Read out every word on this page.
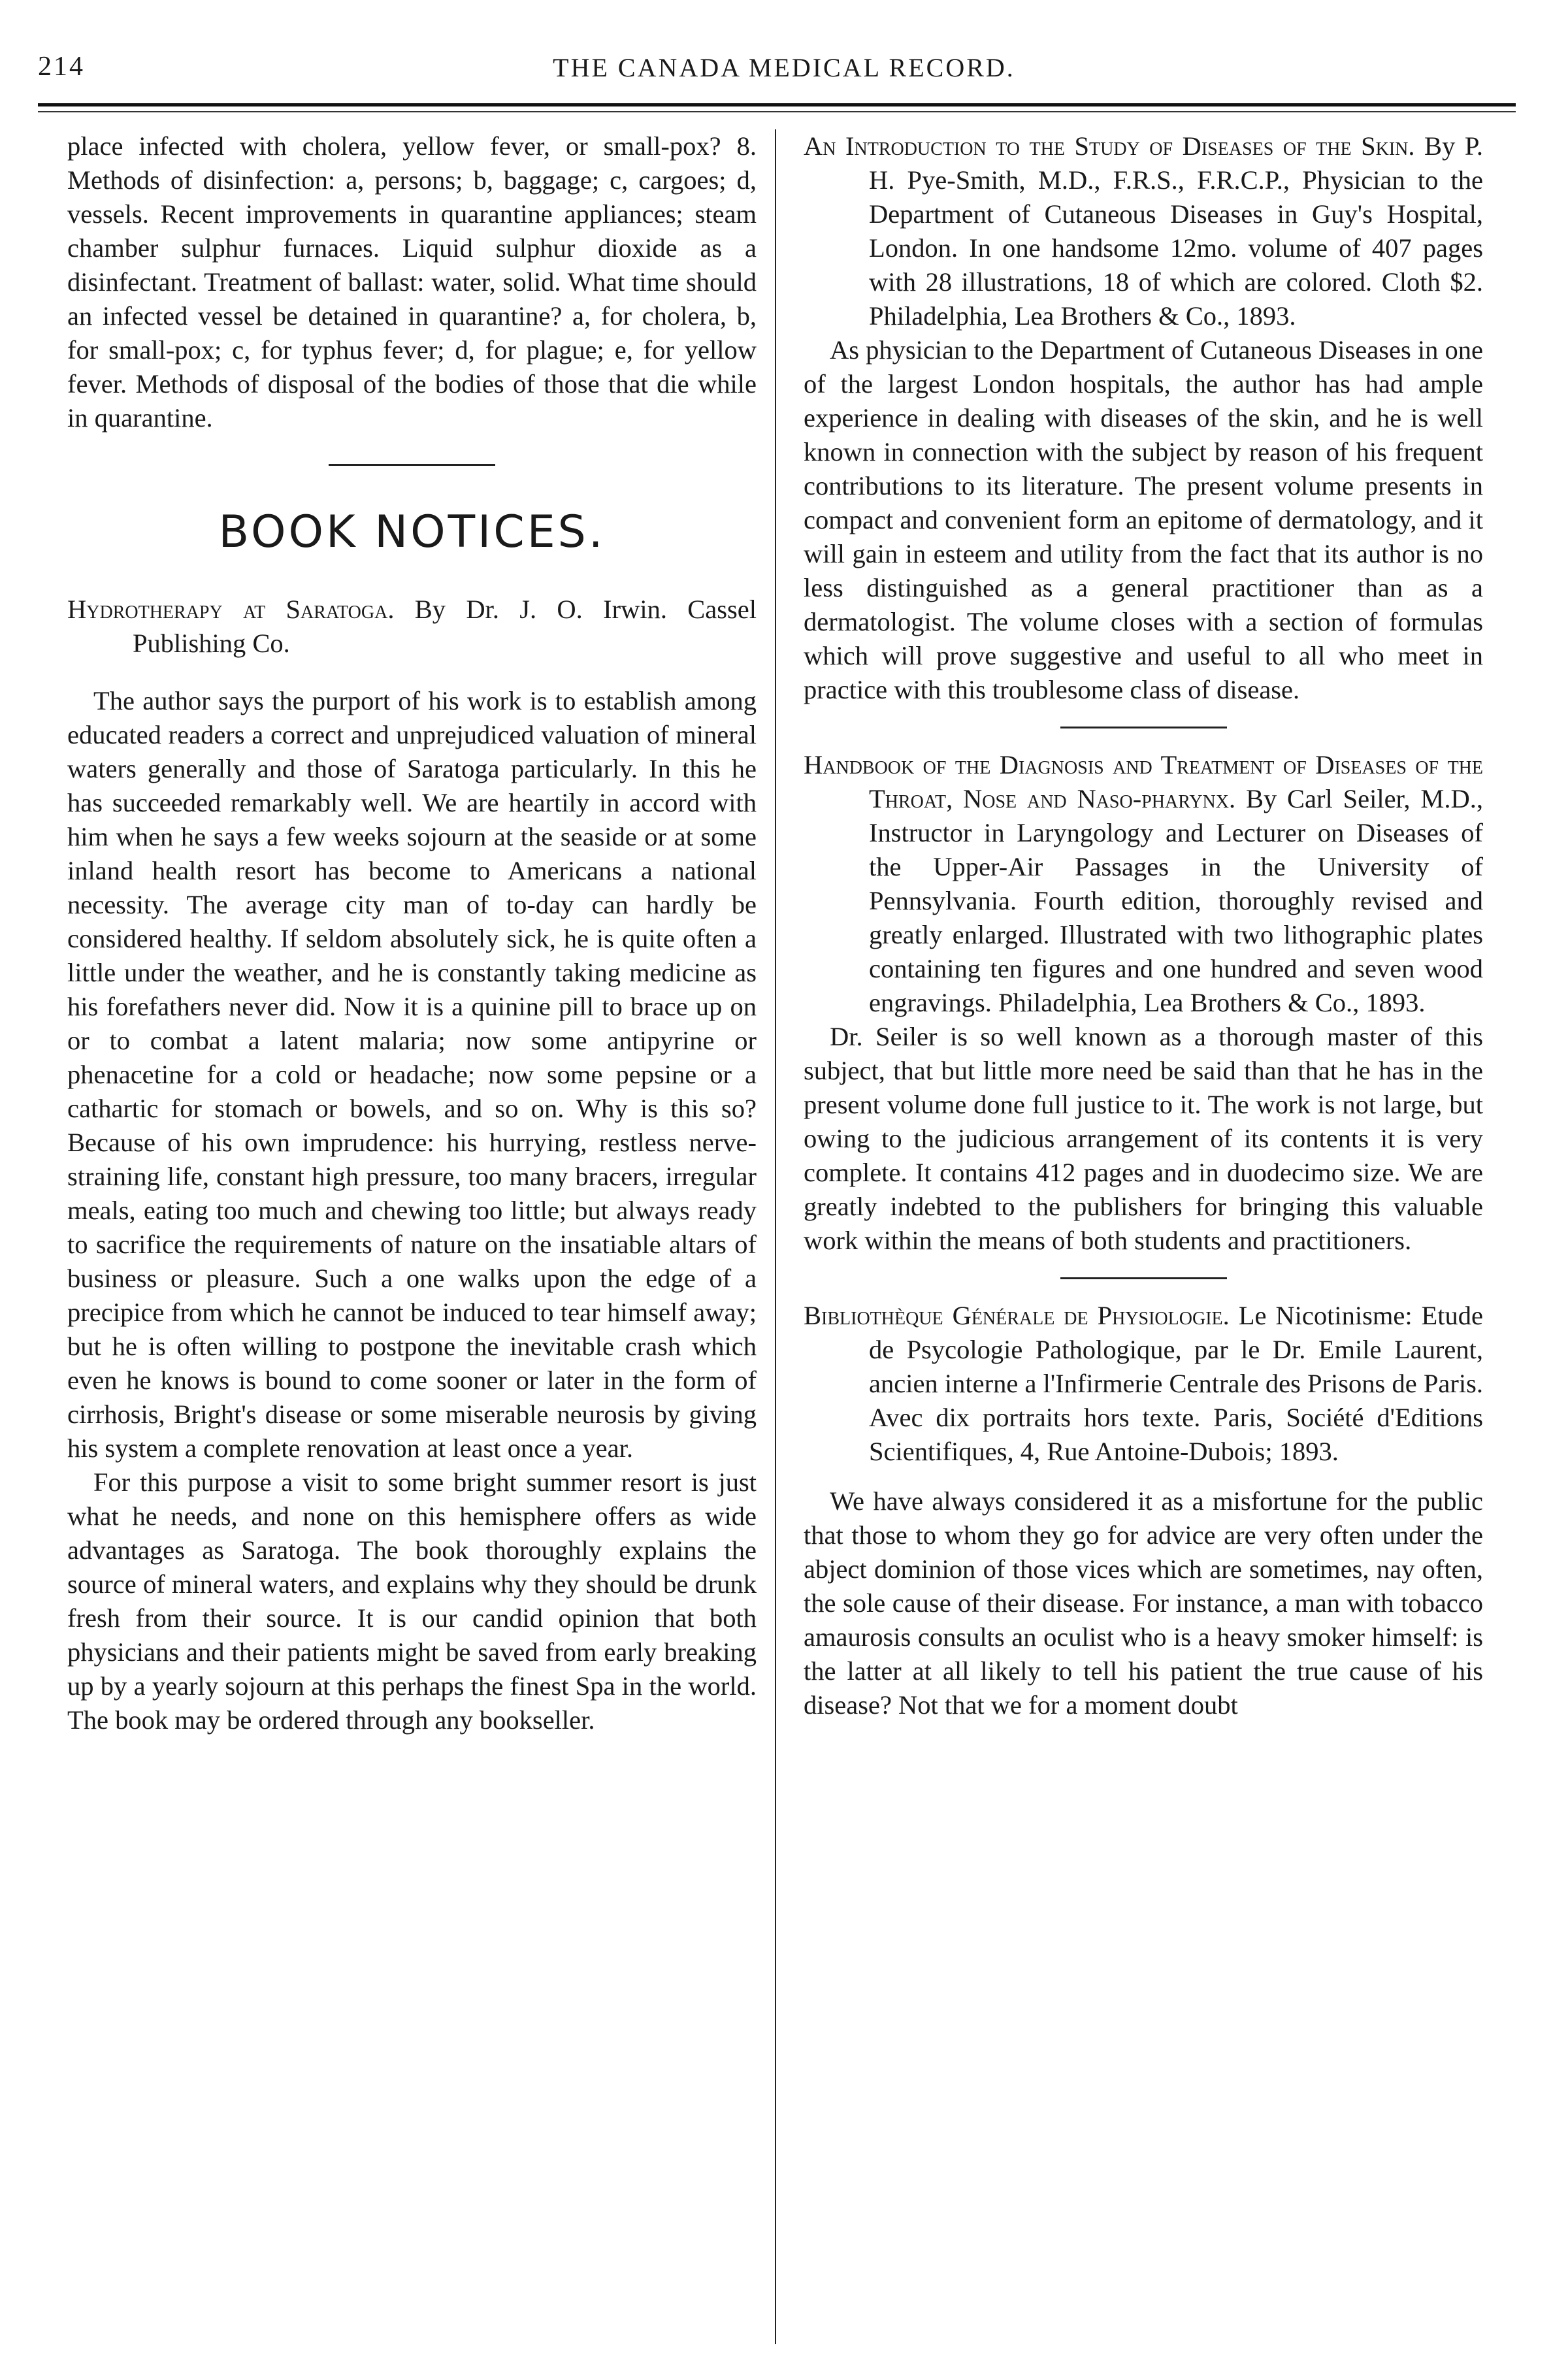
214	THE CANADA MEDICAL RECORD.

place infected with cholera, yellow fever, or small-pox? 8. Methods of disinfection: a, persons; b, baggage; c, cargoes; d, vessels. Recent improvements in quarantine appliances; steam chamber sulphur furnaces. Liquid sulphur dioxide as a disinfectant. Treatment of ballast: water, solid. What time should an infected vessel be detained in quarantine? a, for cholera, b, for small-pox; c, for typhus fever; d, for plague; e, for yellow fever. Methods of disposal of the bodies of those that die while in quarantine.

BOOK NOTICES.

Hydrotherapy at Saratoga. By Dr. J. O. Irwin. Cassel Publishing Co.

The author says the purport of his work is to establish among educated readers a correct and unprejudiced valuation of mineral waters generally and those of Saratoga particularly. In this he has succeeded remarkably well. We are heartily in accord with him when he says a few weeks sojourn at the seaside or at some inland health resort has become to Americans a national necessity. The average city man of to-day can hardly be considered healthy. If seldom absolutely sick, he is quite often a little under the weather, and he is constantly taking medicine as his forefathers never did. Now it is a quinine pill to brace up on or to combat a latent malaria; now some antipyrine or phenacetine for a cold or headache; now some pepsine or a cathartic for stomach or bowels, and so on. Why is this so? Because of his own imprudence: his hurrying, restless nerve-straining life, constant high pressure, too many bracers, irregular meals, eating too much and chewing too little; but always ready to sacrifice the requirements of nature on the insatiable altars of business or pleasure. Such a one walks upon the edge of a precipice from which he cannot be induced to tear himself away; but he is often willing to postpone the inevitable crash which even he knows is bound to come sooner or later in the form of cirrhosis, Bright's disease or some miserable neurosis by giving his system a complete renovation at least once a year.

For this purpose a visit to some bright summer resort is just what he needs, and none on this hemisphere offers as wide advantages as Saratoga. The book thoroughly explains the source of mineral waters, and explains why they should be drunk fresh from their source. It is our candid opinion that both physicians and their patients might be saved from early breaking up by a yearly sojourn at this perhaps the finest Spa in the world. The book may be ordered through any bookseller.

An Introduction to the Study of Diseases of the Skin. By P. H. Pye-Smith, M.D., F.R.S., F.R.C.P., Physician to the Department of Cutaneous Diseases in Guy's Hospital, London. In one handsome 12mo. volume of 407 pages with 28 illustrations, 18 of which are colored. Cloth $2. Philadelphia, Lea Brothers & Co., 1893.

As physician to the Department of Cutaneous Diseases in one of the largest London hospitals, the author has had ample experience in dealing with diseases of the skin, and he is well known in connection with the subject by reason of his frequent contributions to its literature. The present volume presents in compact and convenient form an epitome of dermatology, and it will gain in esteem and utility from the fact that its author is no less distinguished as a general practitioner than as a dermatologist. The volume closes with a section of formulas which will prove suggestive and useful to all who meet in practice with this troublesome class of disease.

Handbook of the Diagnosis and Treatment of Diseases of the Throat, Nose and Naso-pharynx. By Carl Seiler, M.D., Instructor in Laryngology and Lecturer on Diseases of the Upper-Air Passages in the University of Pennsylvania. Fourth edition, thoroughly revised and greatly enlarged. Illustrated with two lithographic plates containing ten figures and one hundred and seven wood engravings. Philadelphia, Lea Brothers & Co., 1893.

Dr. Seiler is so well known as a thorough master of this subject, that but little more need be said than that he has in the present volume done full justice to it. The work is not large, but owing to the judicious arrangement of its contents it is very complete. It contains 412 pages and in duodecimo size. We are greatly indebted to the publishers for bringing this valuable work within the means of both students and practitioners.

Bibliothèque Générale de Physiologie. Le Nicotinisme: Etude de Psycologie Pathologique, par le Dr. Emile Laurent, ancien interne a l'Infirmerie Centrale des Prisons de Paris. Avec dix portraits hors texte. Paris, Société d'Editions Scientifiques, 4, Rue Antoine-Dubois; 1893.

We have always considered it as a misfortune for the public that those to whom they go for advice are very often under the abject dominion of those vices which are sometimes, nay often, the sole cause of their disease. For instance, a man with tobacco amaurosis consults an oculist who is a heavy smoker himself: is the latter at all likely to tell his patient the true cause of his disease? Not that we for a moment doubt
